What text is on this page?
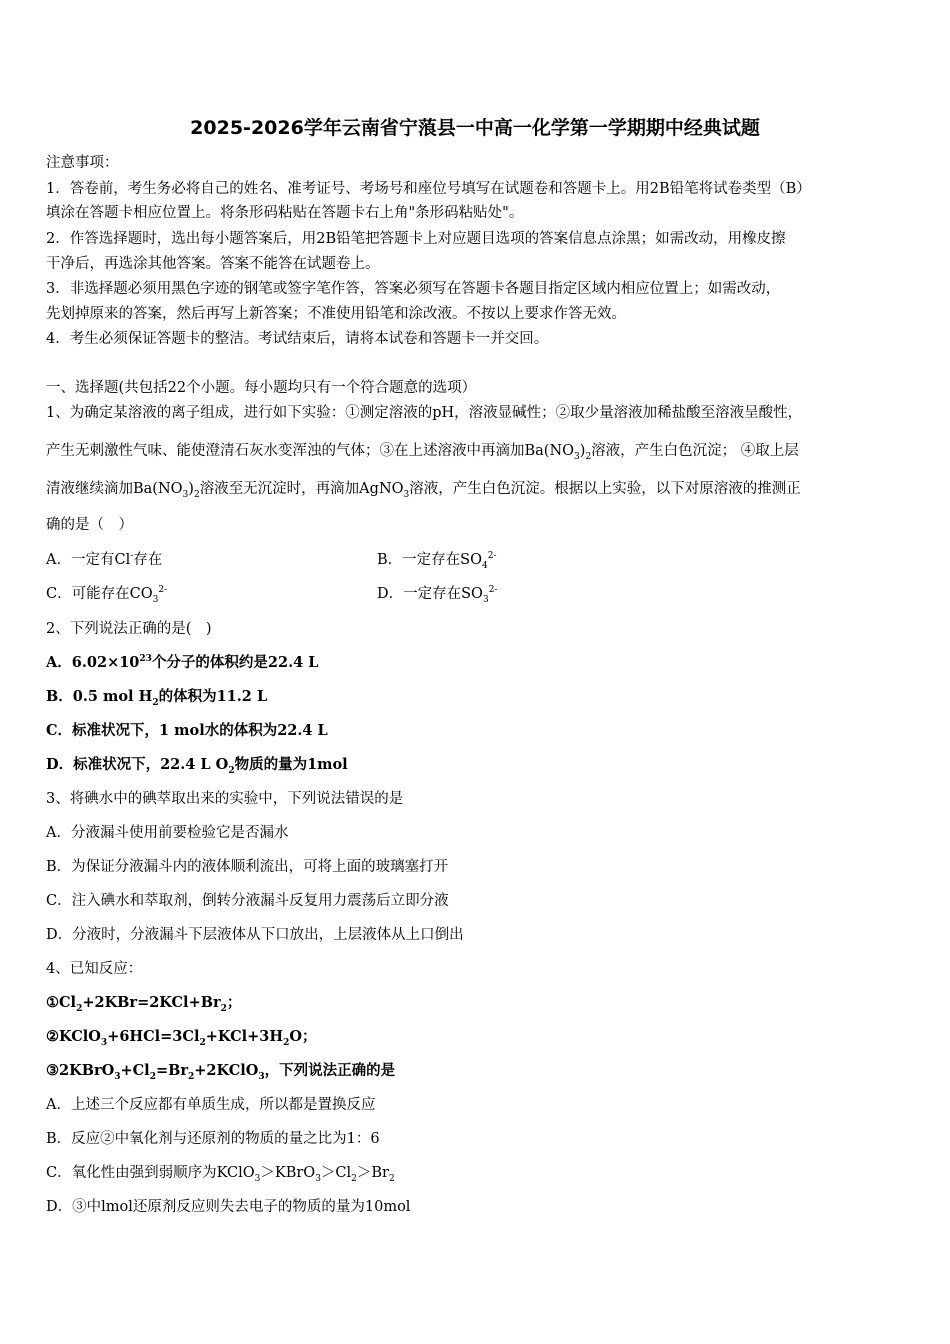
2025-2026学年云南省宁蒗县一中高一化学第一学期期中经典试题
注意事项：
1．答卷前，考生务必将自己的姓名、准考证号、考场号和座位号填写在试题卷和答题卡上。用2B铅笔将试卷类型（B）
填涂在答题卡相应位置上。将条形码粘贴在答题卡右上角"条形码粘贴处"。
2．作答选择题时，选出每小题答案后，用2B铅笔把答题卡上对应题目选项的答案信息点涂黑；如需改动，用橡皮擦
干净后，再选涂其他答案。答案不能答在试题卷上。
3．非选择题必须用黑色字迹的钢笔或签字笔作答，答案必须写在答题卡各题目指定区域内相应位置上；如需改动，
先划掉原来的答案，然后再写上新答案；不准使用铅笔和涂改液。不按以上要求作答无效。
4．考生必须保证答题卡的整洁。考试结束后，请将本试卷和答题卡一并交回。
一、选择题(共包括22个小题。每小题均只有一个符合题意的选项）
1、为确定某溶液的离子组成，进行如下实验：①测定溶液的pH，溶液显碱性；②取少量溶液加稀盐酸至溶液呈酸性，
产生无刺激性气味、能使澄清石灰水变浑浊的气体；③在上述溶液中再滴加$Ba(NO_3)_2$溶液，产生白色沉淀； ④取上层
清液继续滴加$Ba(NO_3)_2$溶液至无沉淀时，再滴加AgNO$_3$溶液，产生白色沉淀。根据以上实验，以下对原溶液的推测正
确的是（　）
A．一定有Cl-存在	B．一定存在$SO_4^{2-}$
C．可能存在$CO_3^{2-}$	D．一定存在$SO_3^{2-}$
2、下列说法正确的是(　)
A．$6.02\times 10^{23}$个分子的体积约是22.4 L
B．0.5 mol $H_2$的体积为11.2 L
C．标准状况下，1 mol水的体积为22.4 L
D．标准状况下，22.4 L $O_2$物质的量为1mol
3、将碘水中的碘萃取出来的实验中，下列说法错误的是
A．分液漏斗使用前要检验它是否漏水
B．为保证分液漏斗内的液体顺利流出，可将上面的玻璃塞打开
C．注入碘水和萃取剂，倒转分液漏斗反复用力震荡后立即分液
D．分液时，分液漏斗下层液体从下口放出，上层液体从上口倒出
4、已知反应：
$①Cl_2+2KBr=2KCl+Br_2$；
$②KClO_3+6HCl=3Cl_2+KCl+3H_2O$；
$③2KBrO_3+Cl_2=Br_2+2KClO_3$，下列说法正确的是
A．上述三个反应都有单质生成，所以都是置换反应
B．反应②中氧化剂与还原剂的物质的量之比为1：6
C．氧化性由强到弱顺序为$KClO_3>KBrO_3>Cl_2>Br_2$
D．③中lmol还原剂反应则失去电子的物质的量为10mol
